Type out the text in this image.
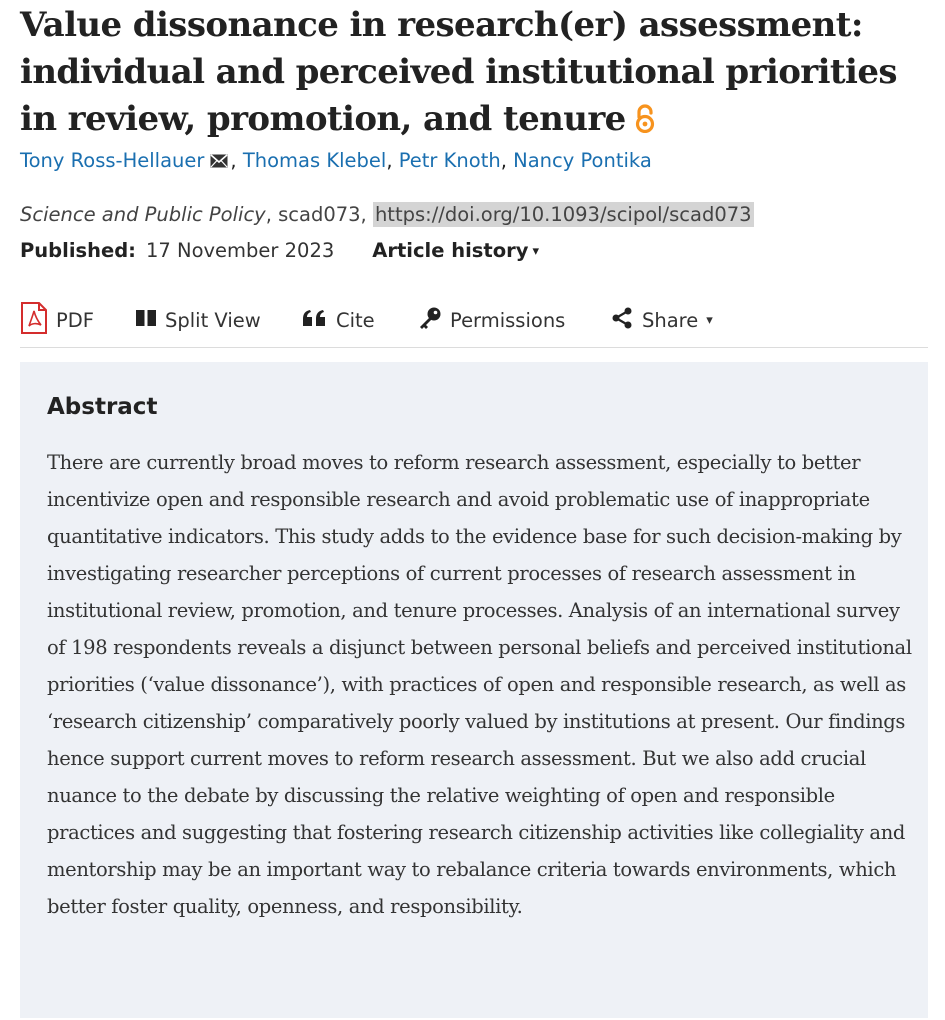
Value dissonance in research(er) assessment: individual and perceived institutional priorities in review, promotion, and tenure
Tony Ross-Hellauer , Thomas Klebel, Petr Knoth, Nancy Pontika
Science and Public Policy, scad073, https://doi.org/10.1093/scipol/scad073
Published: 17 November 2023 Article history ▾
PDF	Split View	Cite	Permissions	Share ▾
Abstract

There are currently broad moves to reform research assessment, especially to better incentivize open and responsible research and avoid problematic use of inappropriate quantitative indicators. This study adds to the evidence base for such decision-making by investigating researcher perceptions of current processes of research assessment in institutional review, promotion, and tenure processes. Analysis of an international survey of 198 respondents reveals a disjunct between personal beliefs and perceived institutional priorities (‘value dissonance’), with practices of open and responsible research, as well as ‘research citizenship’ comparatively poorly valued by institutions at present. Our findings hence support current moves to reform research assessment. But we also add crucial nuance to the debate by discussing the relative weighting of open and responsible practices and suggesting that fostering research citizenship activities like collegiality and mentorship may be an important way to rebalance criteria towards environments, which better foster quality, openness, and responsibility.
